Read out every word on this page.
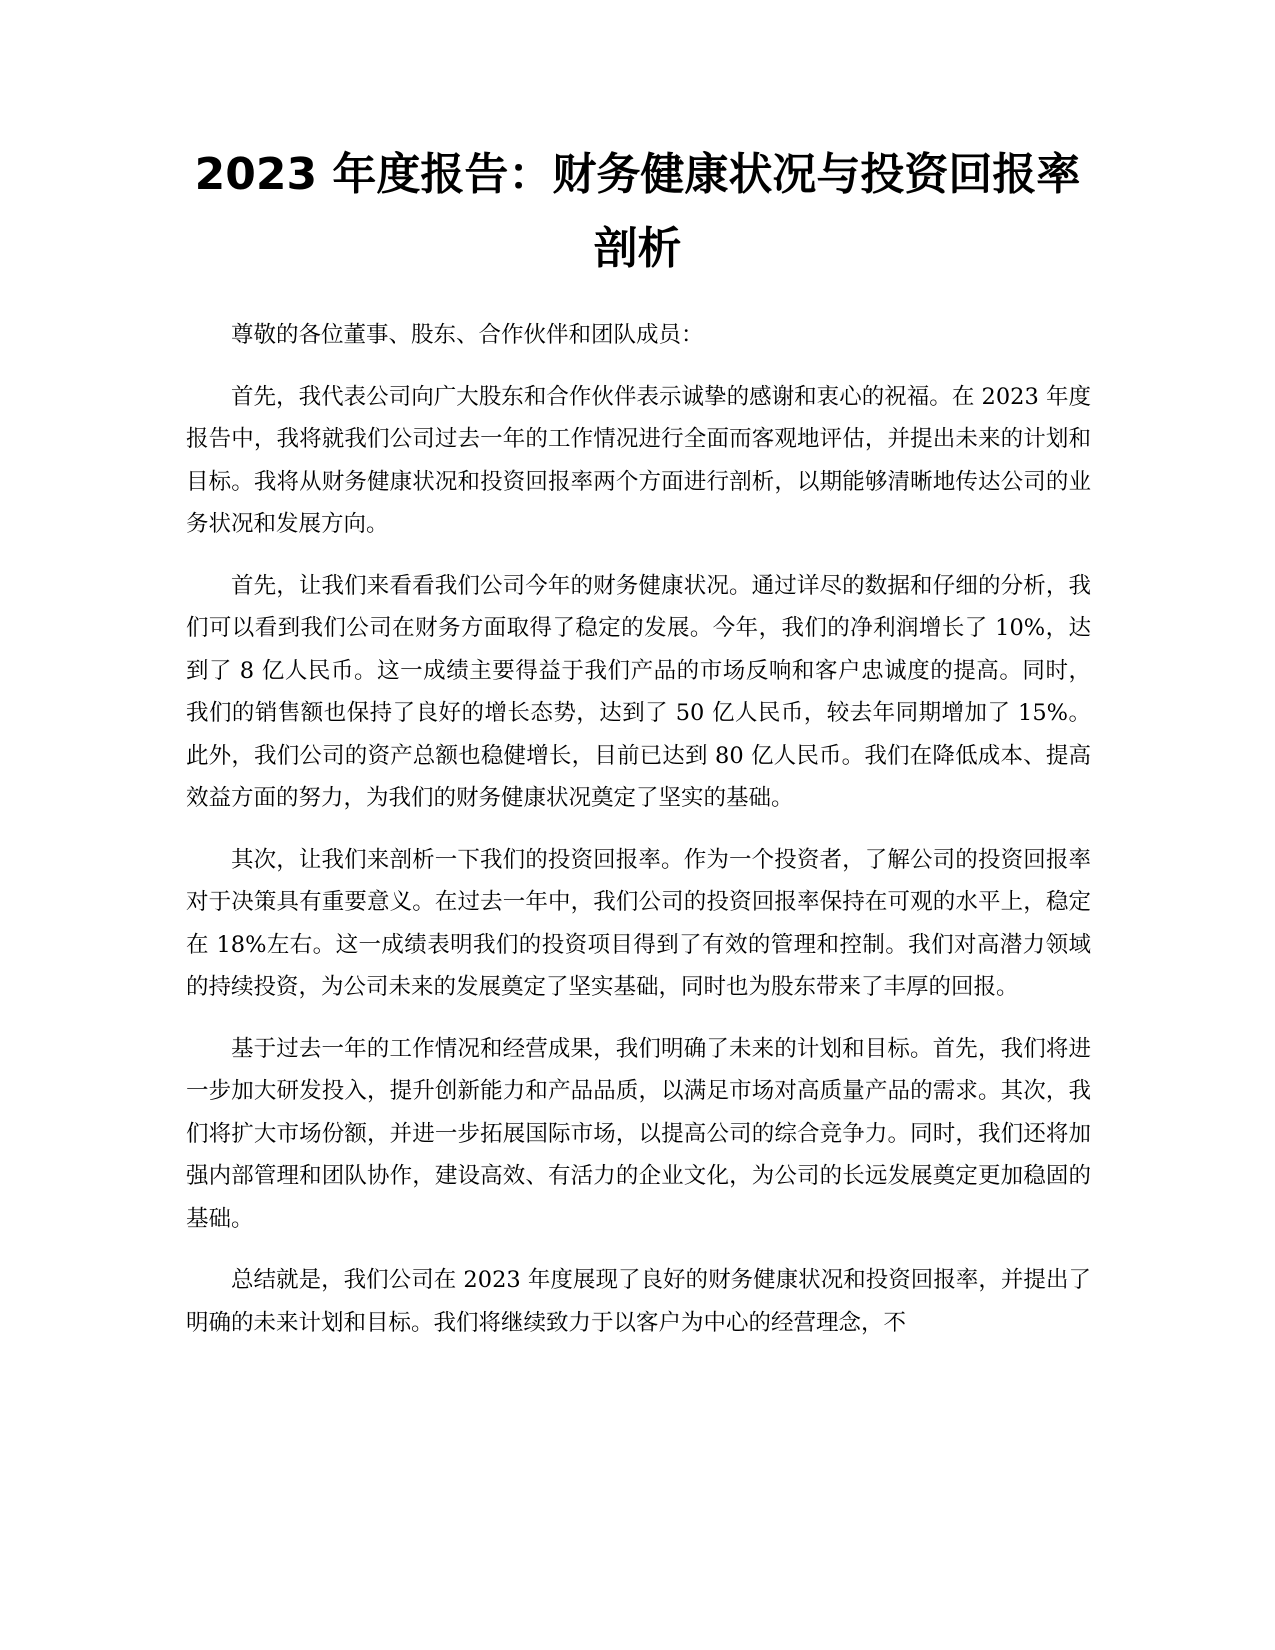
2023 年度报告：财务健康状况与投资回报率剖析

尊敬的各位董事、股东、合作伙伴和团队成员：

首先，我代表公司向广大股东和合作伙伴表示诚挚的感谢和衷心的祝福。在 2023 年度报告中，我将就我们公司过去一年的工作情况进行全面而客观地评估，并提出未来的计划和目标。我将从财务健康状况和投资回报率两个方面进行剖析，以期能够清晰地传达公司的业务状况和发展方向。

首先，让我们来看看我们公司今年的财务健康状况。通过详尽的数据和仔细的分析，我们可以看到我们公司在财务方面取得了稳定的发展。今年，我们的净利润增长了 10%，达到了 8 亿人民币。这一成绩主要得益于我们产品的市场反响和客户忠诚度的提高。同时，我们的销售额也保持了良好的增长态势，达到了 50 亿人民币，较去年同期增加了 15%。此外，我们公司的资产总额也稳健增长，目前已达到 80 亿人民币。我们在降低成本、提高效益方面的努力，为我们的财务健康状况奠定了坚实的基础。

其次，让我们来剖析一下我们的投资回报率。作为一个投资者，了解公司的投资回报率对于决策具有重要意义。在过去一年中，我们公司的投资回报率保持在可观的水平上，稳定在 18%左右。这一成绩表明我们的投资项目得到了有效的管理和控制。我们对高潜力领域的持续投资，为公司未来的发展奠定了坚实基础，同时也为股东带来了丰厚的回报。

基于过去一年的工作情况和经营成果，我们明确了未来的计划和目标。首先，我们将进一步加大研发投入，提升创新能力和产品品质，以满足市场对高质量产品的需求。其次，我们将扩大市场份额，并进一步拓展国际市场，以提高公司的综合竞争力。同时，我们还将加强内部管理和团队协作，建设高效、有活力的企业文化，为公司的长远发展奠定更加稳固的基础。

总结就是，我们公司在 2023 年度展现了良好的财务健康状况和投资回报率，并提出了明确的未来计划和目标。我们将继续致力于以客户为中心的经营理念，不
